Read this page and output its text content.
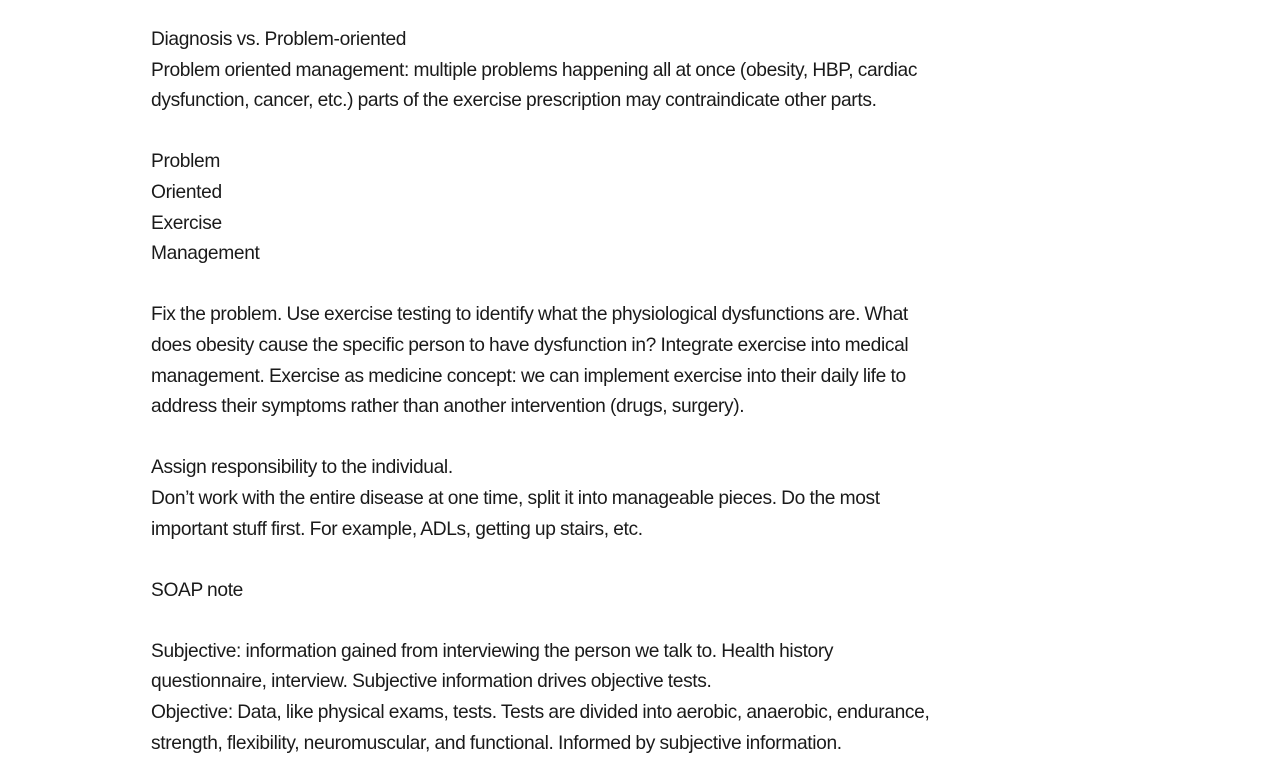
Diagnosis vs. Problem-oriented
Problem oriented management: multiple problems happening all at once (obesity, HBP, cardiac
dysfunction, cancer, etc.) parts of the exercise prescription may contraindicate other parts.
Problem
Oriented
Exercise
Management
Fix the problem. Use exercise testing to identify what the physiological dysfunctions are. What
does obesity cause the specific person to have dysfunction in? Integrate exercise into medical
management. Exercise as medicine concept: we can implement exercise into their daily life to
address their symptoms rather than another intervention (drugs, surgery).
Assign responsibility to the individual.
Don’t work with the entire disease at one time, split it into manageable pieces. Do the most
important stuff first. For example, ADLs, getting up stairs, etc.
SOAP note
Subjective: information gained from interviewing the person we talk to. Health history
questionnaire, interview. Subjective information drives objective tests.
Objective: Data, like physical exams, tests. Tests are divided into aerobic, anaerobic, endurance,
strength, flexibility, neuromuscular, and functional. Informed by subjective information.
